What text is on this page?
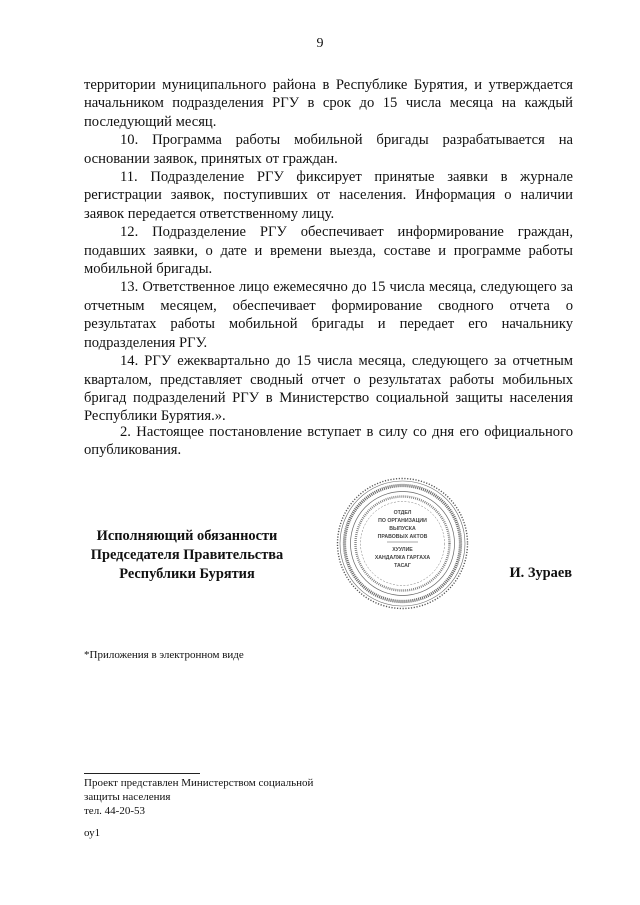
9

территории муниципального района в Республике Бурятия, и утверждается начальником подразделения РГУ в срок до 15 числа месяца на каждый последующий месяц.

10. Программа работы мобильной бригады разрабатывается на основании заявок, принятых от граждан.

11. Подразделение РГУ фиксирует принятые заявки в журнале регистрации заявок, поступивших от населения. Информация о наличии заявок передается ответственному лицу.

12. Подразделение РГУ обеспечивает информирование граждан, подавших заявки, о дате и времени выезда, составе и программе работы мобильной бригады.

13. Ответственное лицо ежемесячно до 15 числа месяца, следующего за отчетным месяцем, обеспечивает формирование сводного отчета о результатах работы мобильной бригады и передает его начальнику подразделения РГУ.

14. РГУ ежеквартально до 15 числа месяца, следующего за отчетным кварталом, представляет сводный отчет о результатах работы мобильных бригад подразделений РГУ в Министерство социальной защиты населения Республики Бурятия.».

2. Настоящее постановление вступает в силу со дня его официального опубликования.

Исполняющий обязанности
Председателя Правительства
Республики Бурятия
ОТДЕЛ
ПО ОРГАНИЗАЦИИ
ВЫПУСКА
ПРАВОВЫХ АКТОВ
ХУУЛИЕ
ХАНДАЛЖА ГАРГАХА
ТАСАГ	И. Зураев
*Приложения в электронном виде
Проект представлен Министерством социальной
защиты населения
тел. 44-20-53
оу1
